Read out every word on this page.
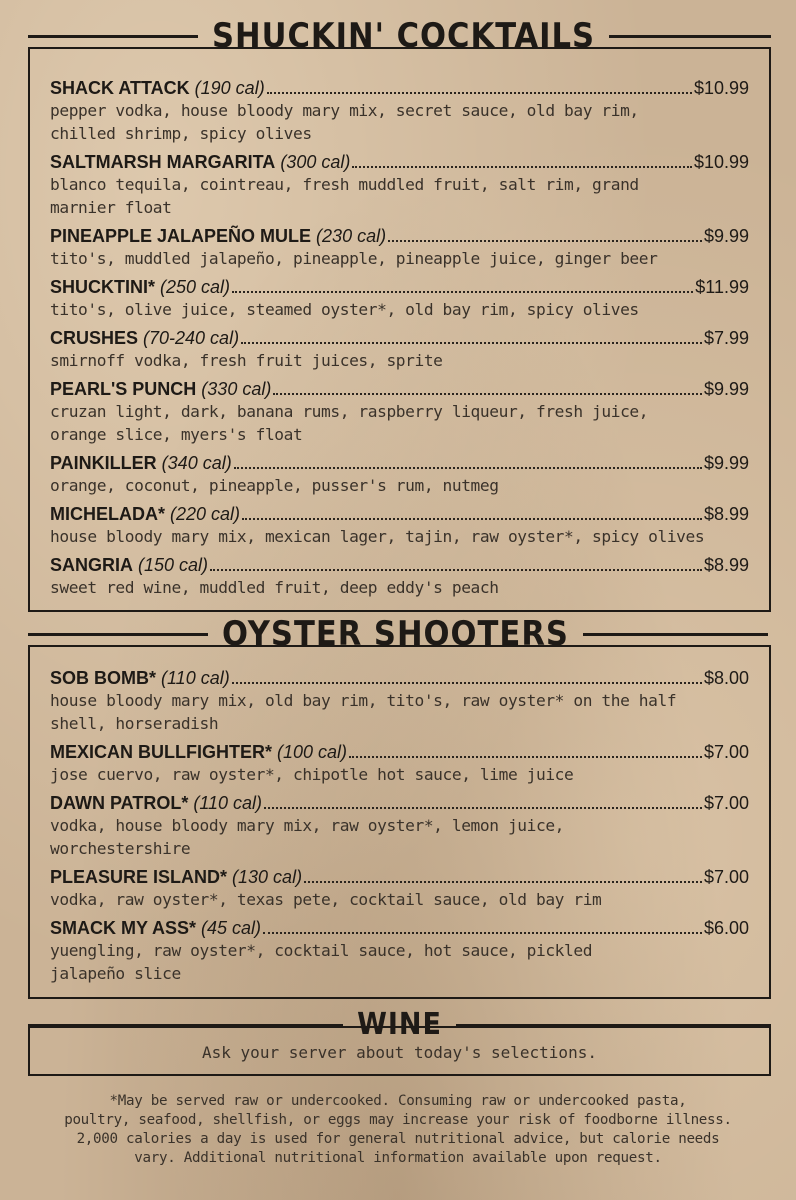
SHUCKIN' COCKTAILS
SHACK ATTACK (190 cal)	$10.99
pepper vodka, house bloody mary mix, secret sauce, old bay rim,
chilled shrimp, spicy olives
SALTMARSH MARGARITA (300 cal)	$10.99
blanco tequila, cointreau, fresh muddled fruit, salt rim, grand
marnier float
PINEAPPLE JALAPEÑO MULE (230 cal)	$9.99
tito's, muddled jalapeño, pineapple, pineapple juice, ginger beer
SHUCKTINI* (250 cal)	$11.99
tito's, olive juice, steamed oyster*, old bay rim, spicy olives
CRUSHES (70-240 cal)	$7.99
smirnoff vodka, fresh fruit juices, sprite
PEARL'S PUNCH (330 cal)	$9.99
cruzan light, dark, banana rums, raspberry liqueur, fresh juice,
orange slice, myers's float
PAINKILLER (340 cal)	$9.99
orange, coconut, pineapple, pusser's rum, nutmeg
MICHELADA* (220 cal)	$8.99
house bloody mary mix, mexican lager, tajin, raw oyster*, spicy olives
SANGRIA (150 cal)	$8.99
sweet red wine, muddled fruit, deep eddy's peach
OYSTER SHOOTERS
SOB BOMB* (110 cal)	$8.00
house bloody mary mix, old bay rim, tito's, raw oyster* on the half
shell, horseradish
MEXICAN BULLFIGHTER* (100 cal)	$7.00
jose cuervo, raw oyster*, chipotle hot sauce, lime juice
DAWN PATROL* (110 cal)	$7.00
vodka, house bloody mary mix, raw oyster*, lemon juice,
worchestershire
PLEASURE ISLAND* (130 cal)	$7.00
vodka, raw oyster*, texas pete, cocktail sauce, old bay rim
SMACK MY ASS* (45 cal)	$6.00
yuengling, raw oyster*, cocktail sauce, hot sauce, pickled
jalapeño slice
WINE
Ask your server about today's selections.
*May be served raw or undercooked. Consuming raw or undercooked pasta,
poultry, seafood, shellfish, or eggs may increase your risk of foodborne illness.
2,000 calories a day is used for general nutritional advice, but calorie needs
vary. Additional nutritional information available upon request.
